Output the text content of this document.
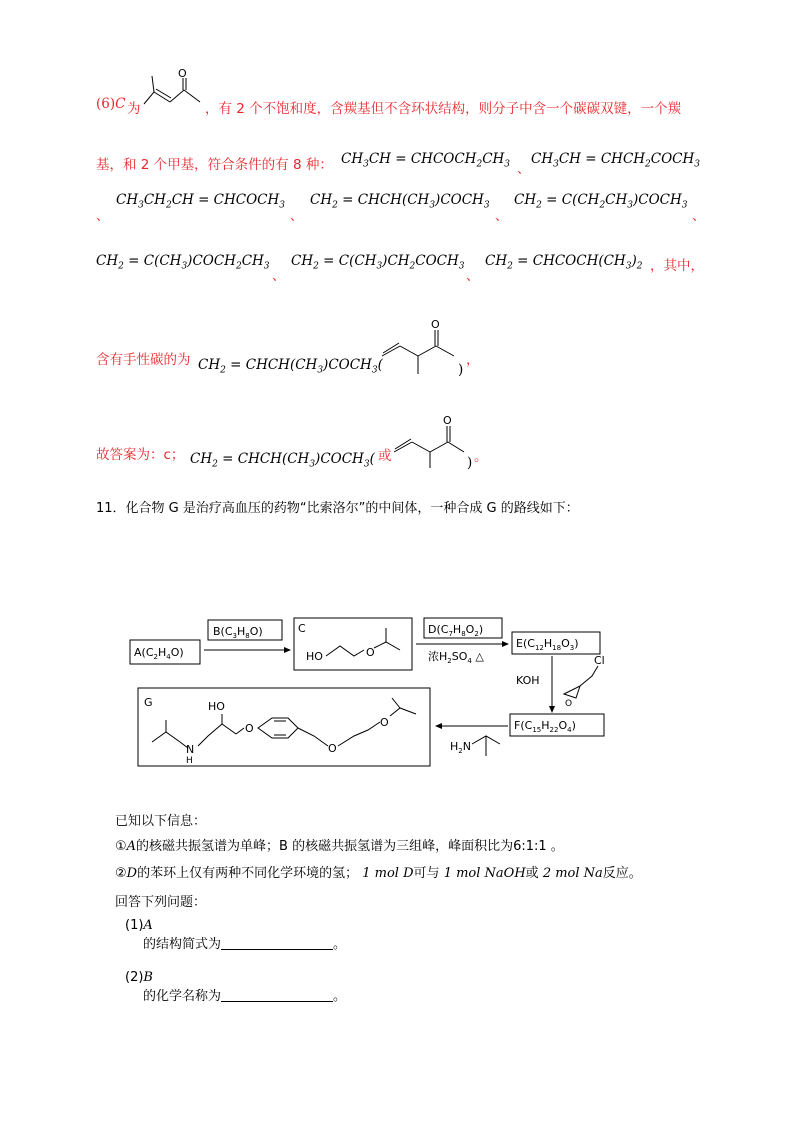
(6)C 为
O
，有 2 个不饱和度，含羰基但不含环状结构，则分子中含一个碳碳双键，一个羰
基，和 2 个甲基，符合条件的有 8 种： $CH_3CH$ = $CHCOCH_2CH_3$ 、
$CH_3CH$ = $CHCH_2COCH_3$
、
$CH_3CH_2CH$ = $CHCOCH_3$
、
$CH_2$ = $CHCH(CH_3)COCH_3$
、
$CH_2$ = $C(CH_2CH_3)COCH_3$
、
$CH_2$ = $C(CH_3)COCH_2CH_3$
、
$CH_2$ = $C(CH_3)CH_2COCH_3$
、
$CH_2$ = $CHCOCH(CH_3)_2$ ，其中，
含有手性碳的为 $CH_2$ = $CHCH(CH_3)COCH_3$(
O
)
，
故答案为：c； $CH_2$ = $CHCH(CH_3)COCH_3$( 或
O
) 。
11．化合物 G 是治疗高血压的药物“比索洛尔”的中间体，一种合成 G 的路线如下：
$A(C_2H_4O)$
$B(C_3H_8O)$	C
HO	O
$D(C_7H_8O_2)$
浓$H_2SO_4$ △
$E(C_{12}H_{18}O_3)$
KOH
O
Cl
$F(C_{15}H_{22}O_4)$
$H_2N$
G
N
H
HO
O
O
O
已知以下信息：
①A的核磁共振氢谱为单峰；B 的核磁共振氢谱为三组峰，峰面积比为6:1:1 。
②D的苯环上仅有两种不同化学环境的氢； 1 mol D可与 1 mol NaOH或 2 mol Na反应。
回答下列问题：
(1)A
的结构简式为	。
(2)B
的化学名称为	。
